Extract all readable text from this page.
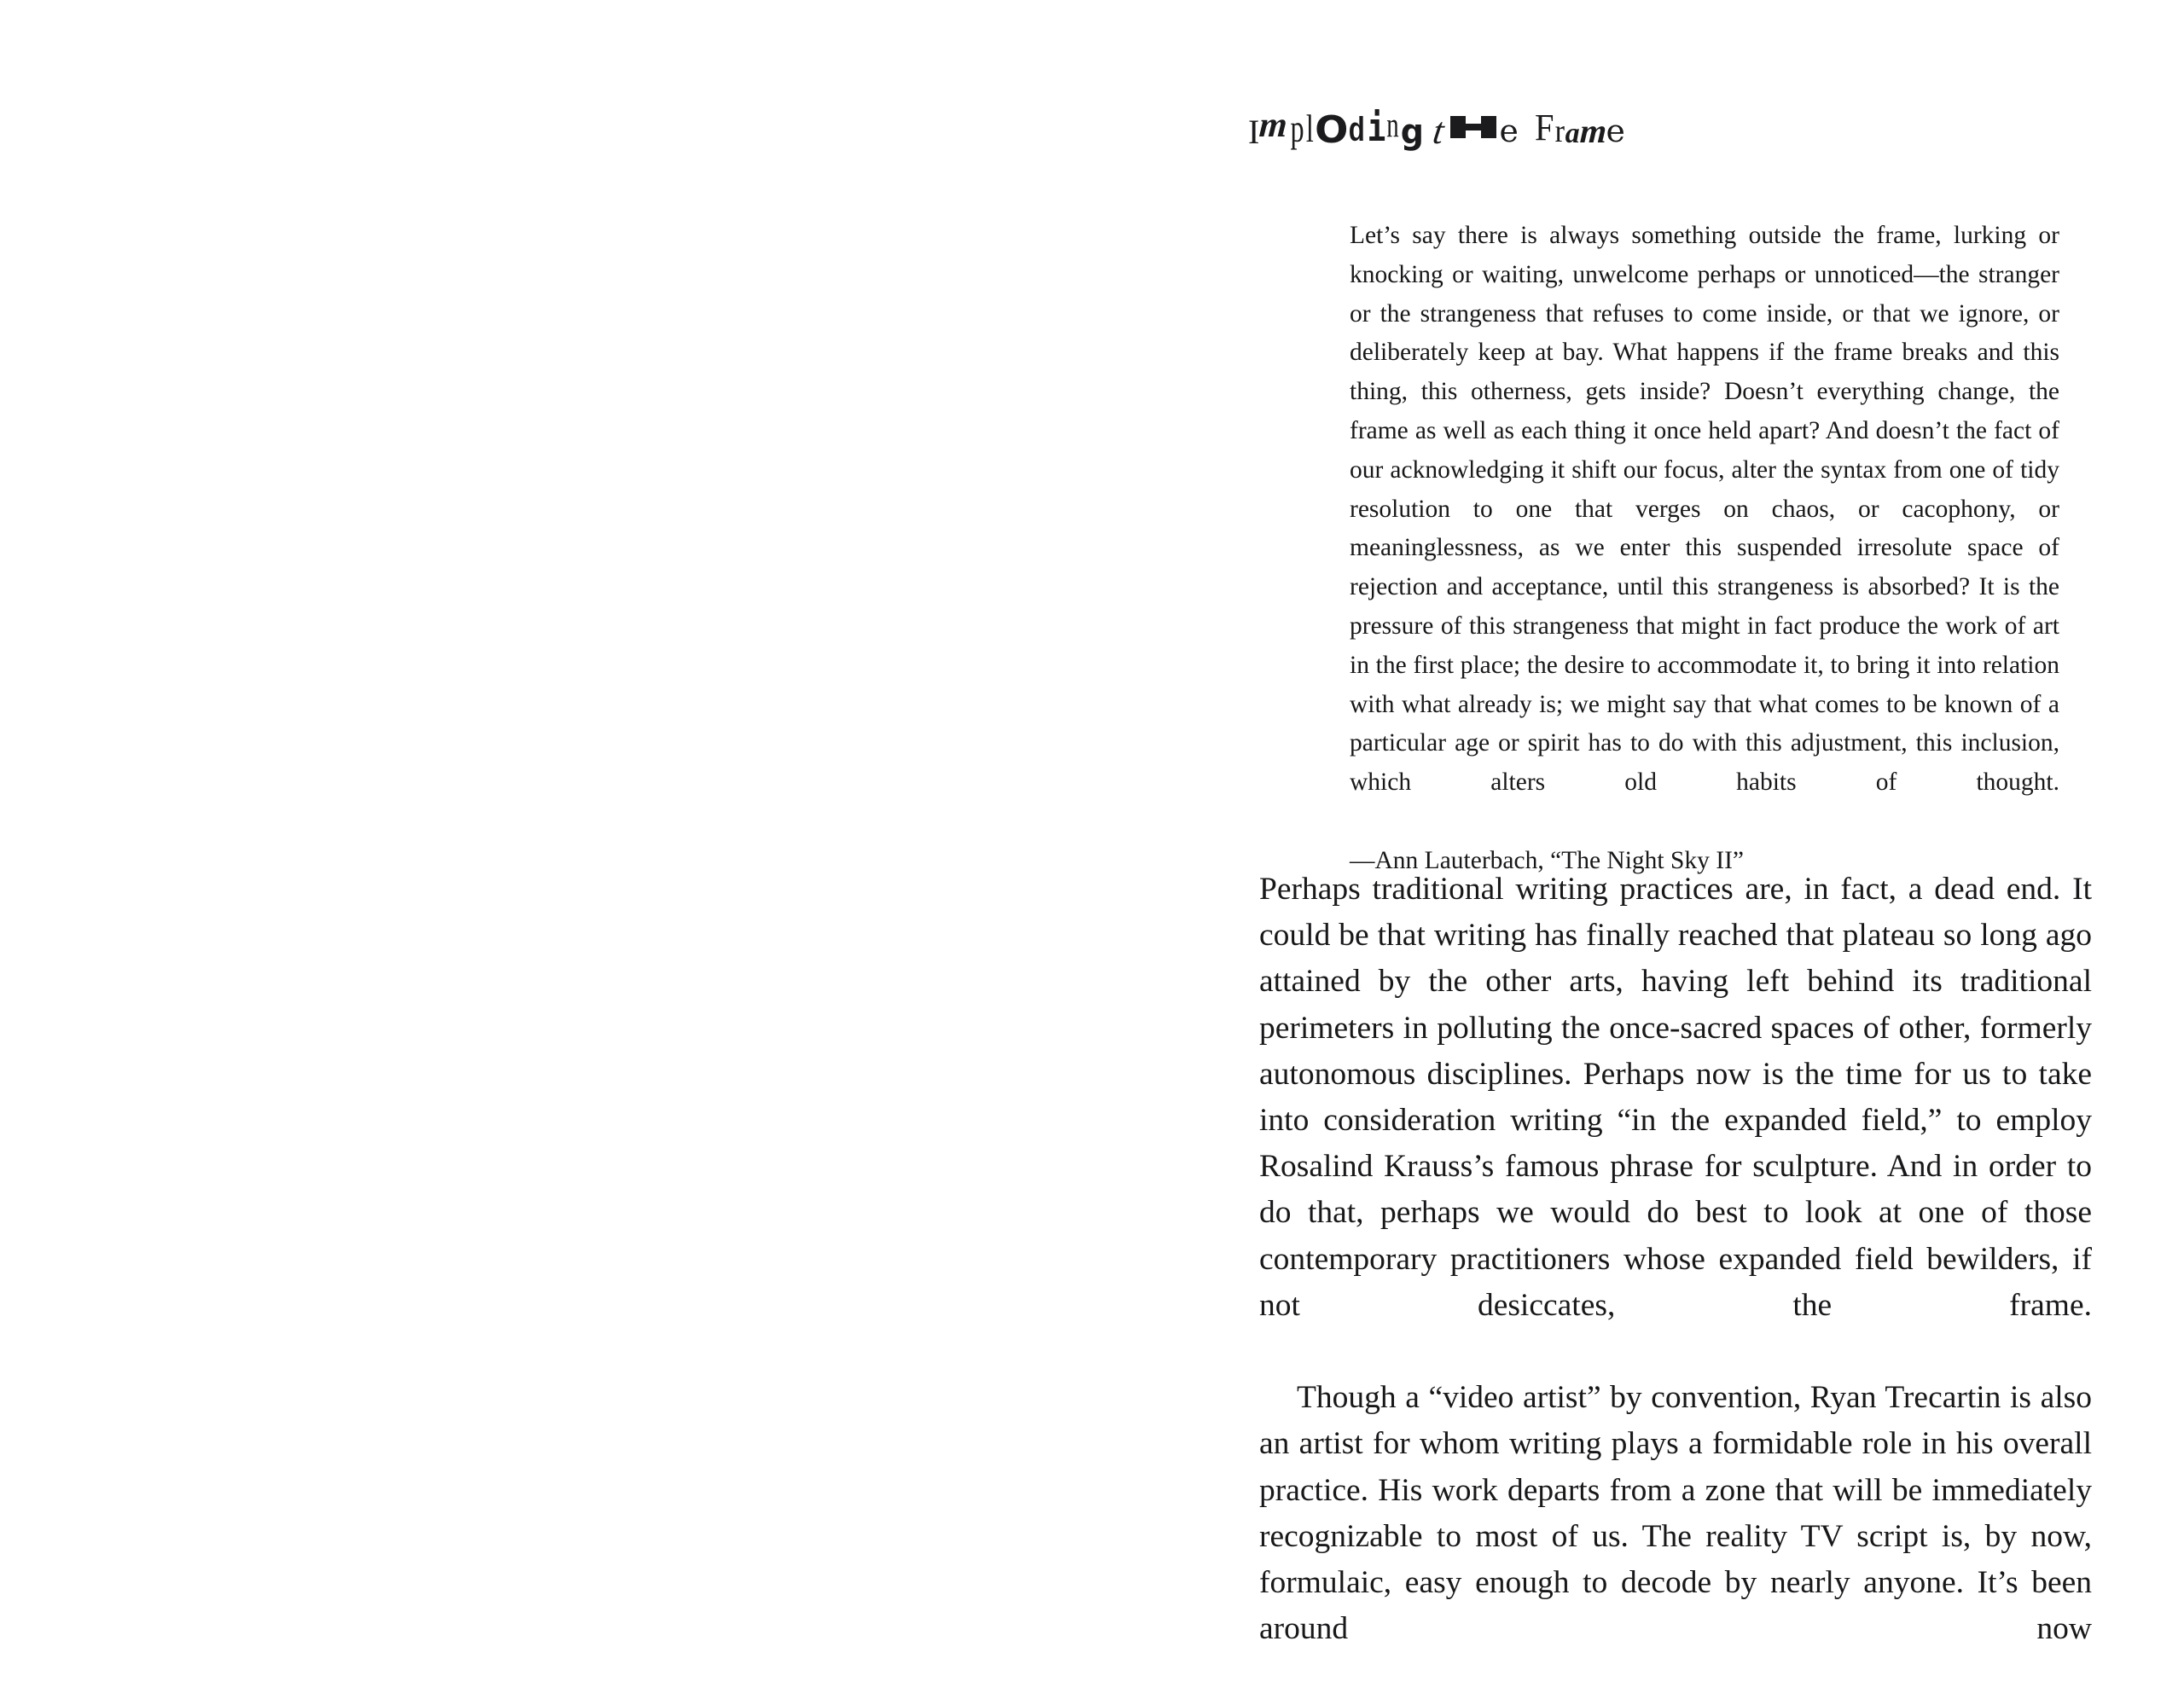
I
m p l O d i n g t e F r a
m
e

Let’s say there is always something outside the frame, lurking or knocking or waiting, unwelcome perhaps or unnoticed—the stranger or the strangeness that refuses to come inside, or that we ignore, or deliberately keep at bay. What happens if the frame breaks and this thing, this otherness, gets inside? Doesn’t everything change, the frame as well as each thing it once held apart? And doesn’t the fact of our acknowledging it shift our focus, alter the syntax from one of tidy resolution to one that verges on chaos, or cacophony, or meaninglessness, as we enter this suspended irresolute space of rejection and acceptance, until this strangeness is absorbed? It is the pressure of this strangeness that might in fact produce the work of art in the first place; the desire to accommodate it, to bring it into relation with what already is; we might say that what comes to be known of a particular age or spirit has to do with this adjustment, this inclusion, which alters old habits of thought.

—Ann Lauterbach, “The Night Sky II”

Perhaps traditional writing practices are, in fact, a dead end. It could be that writing has finally reached that plateau so long ago attained by the other arts, having left behind its traditional perimeters in polluting the once-sacred spaces of other, formerly autonomous disciplines. Perhaps now is the time for us to take into consideration writing “in the expanded field,” to employ Rosalind Krauss’s famous phrase for sculpture. And in order to do that, perhaps we would do best to look at one of those contemporary practitioners whose expanded field bewilders, if not desiccates, the frame.

Though a “video artist” by convention, Ryan Trecartin is also an artist for whom writing plays a formidable role in his overall practice. His work departs from a zone that will be immediately recognizable to most of us. The reality TV script is, by now, formulaic, easy enough to decode by nearly anyone. It’s been around now
